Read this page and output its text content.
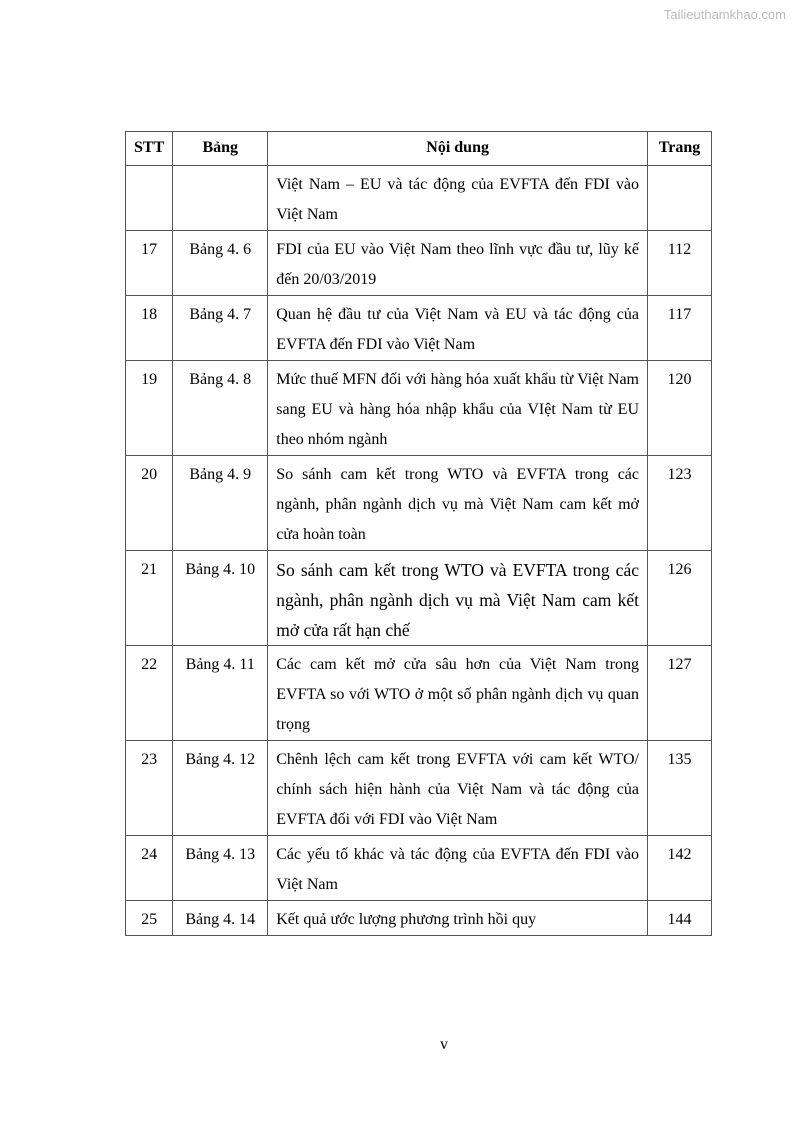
Tailieuthamkhao.com
STT	Bảng	Nội dung	Trang
		Việt Nam – EU và tác động của EVFTA đến FDI vào Việt Nam	
17	Bảng 4. 6	FDI của EU vào Việt Nam theo lĩnh vực đầu tư, lũy kế đến 20/03/2019	112
18	Bảng 4. 7	Quan hệ đầu tư của Việt Nam và EU và tác động của EVFTA đến FDI vào Việt Nam	117
19	Bảng 4. 8	Mức thuế MFN đối với hàng hóa xuất khẩu từ Việt Nam sang EU và hàng hóa nhập khẩu của VIệt Nam từ EU theo nhóm ngành	120
20	Bảng 4. 9	So sánh cam kết trong WTO và EVFTA trong các ngành, phân ngành dịch vụ mà Việt Nam cam kết mở cửa hoàn toàn	123
21	Bảng 4. 10	So sánh cam kết trong WTO và EVFTA trong các ngành, phân ngành dịch vụ mà Việt Nam cam kết mở cửa rất hạn chế	126
22	Bảng 4. 11	Các cam kết mở cửa sâu hơn của Việt Nam trong EVFTA so với WTO ở một số phân ngành dịch vụ quan trọng	127
23	Bảng 4. 12	Chênh lệch cam kết trong EVFTA với cam kết WTO/ chính sách hiện hành của Việt Nam và tác động của EVFTA đối với FDI vào Việt Nam	135
24	Bảng 4. 13	Các yếu tố khác và tác động của EVFTA đến FDI vào Việt Nam	142
25	Bảng 4. 14	Kết quả ước lượng phương trình hồi quy	144
v
